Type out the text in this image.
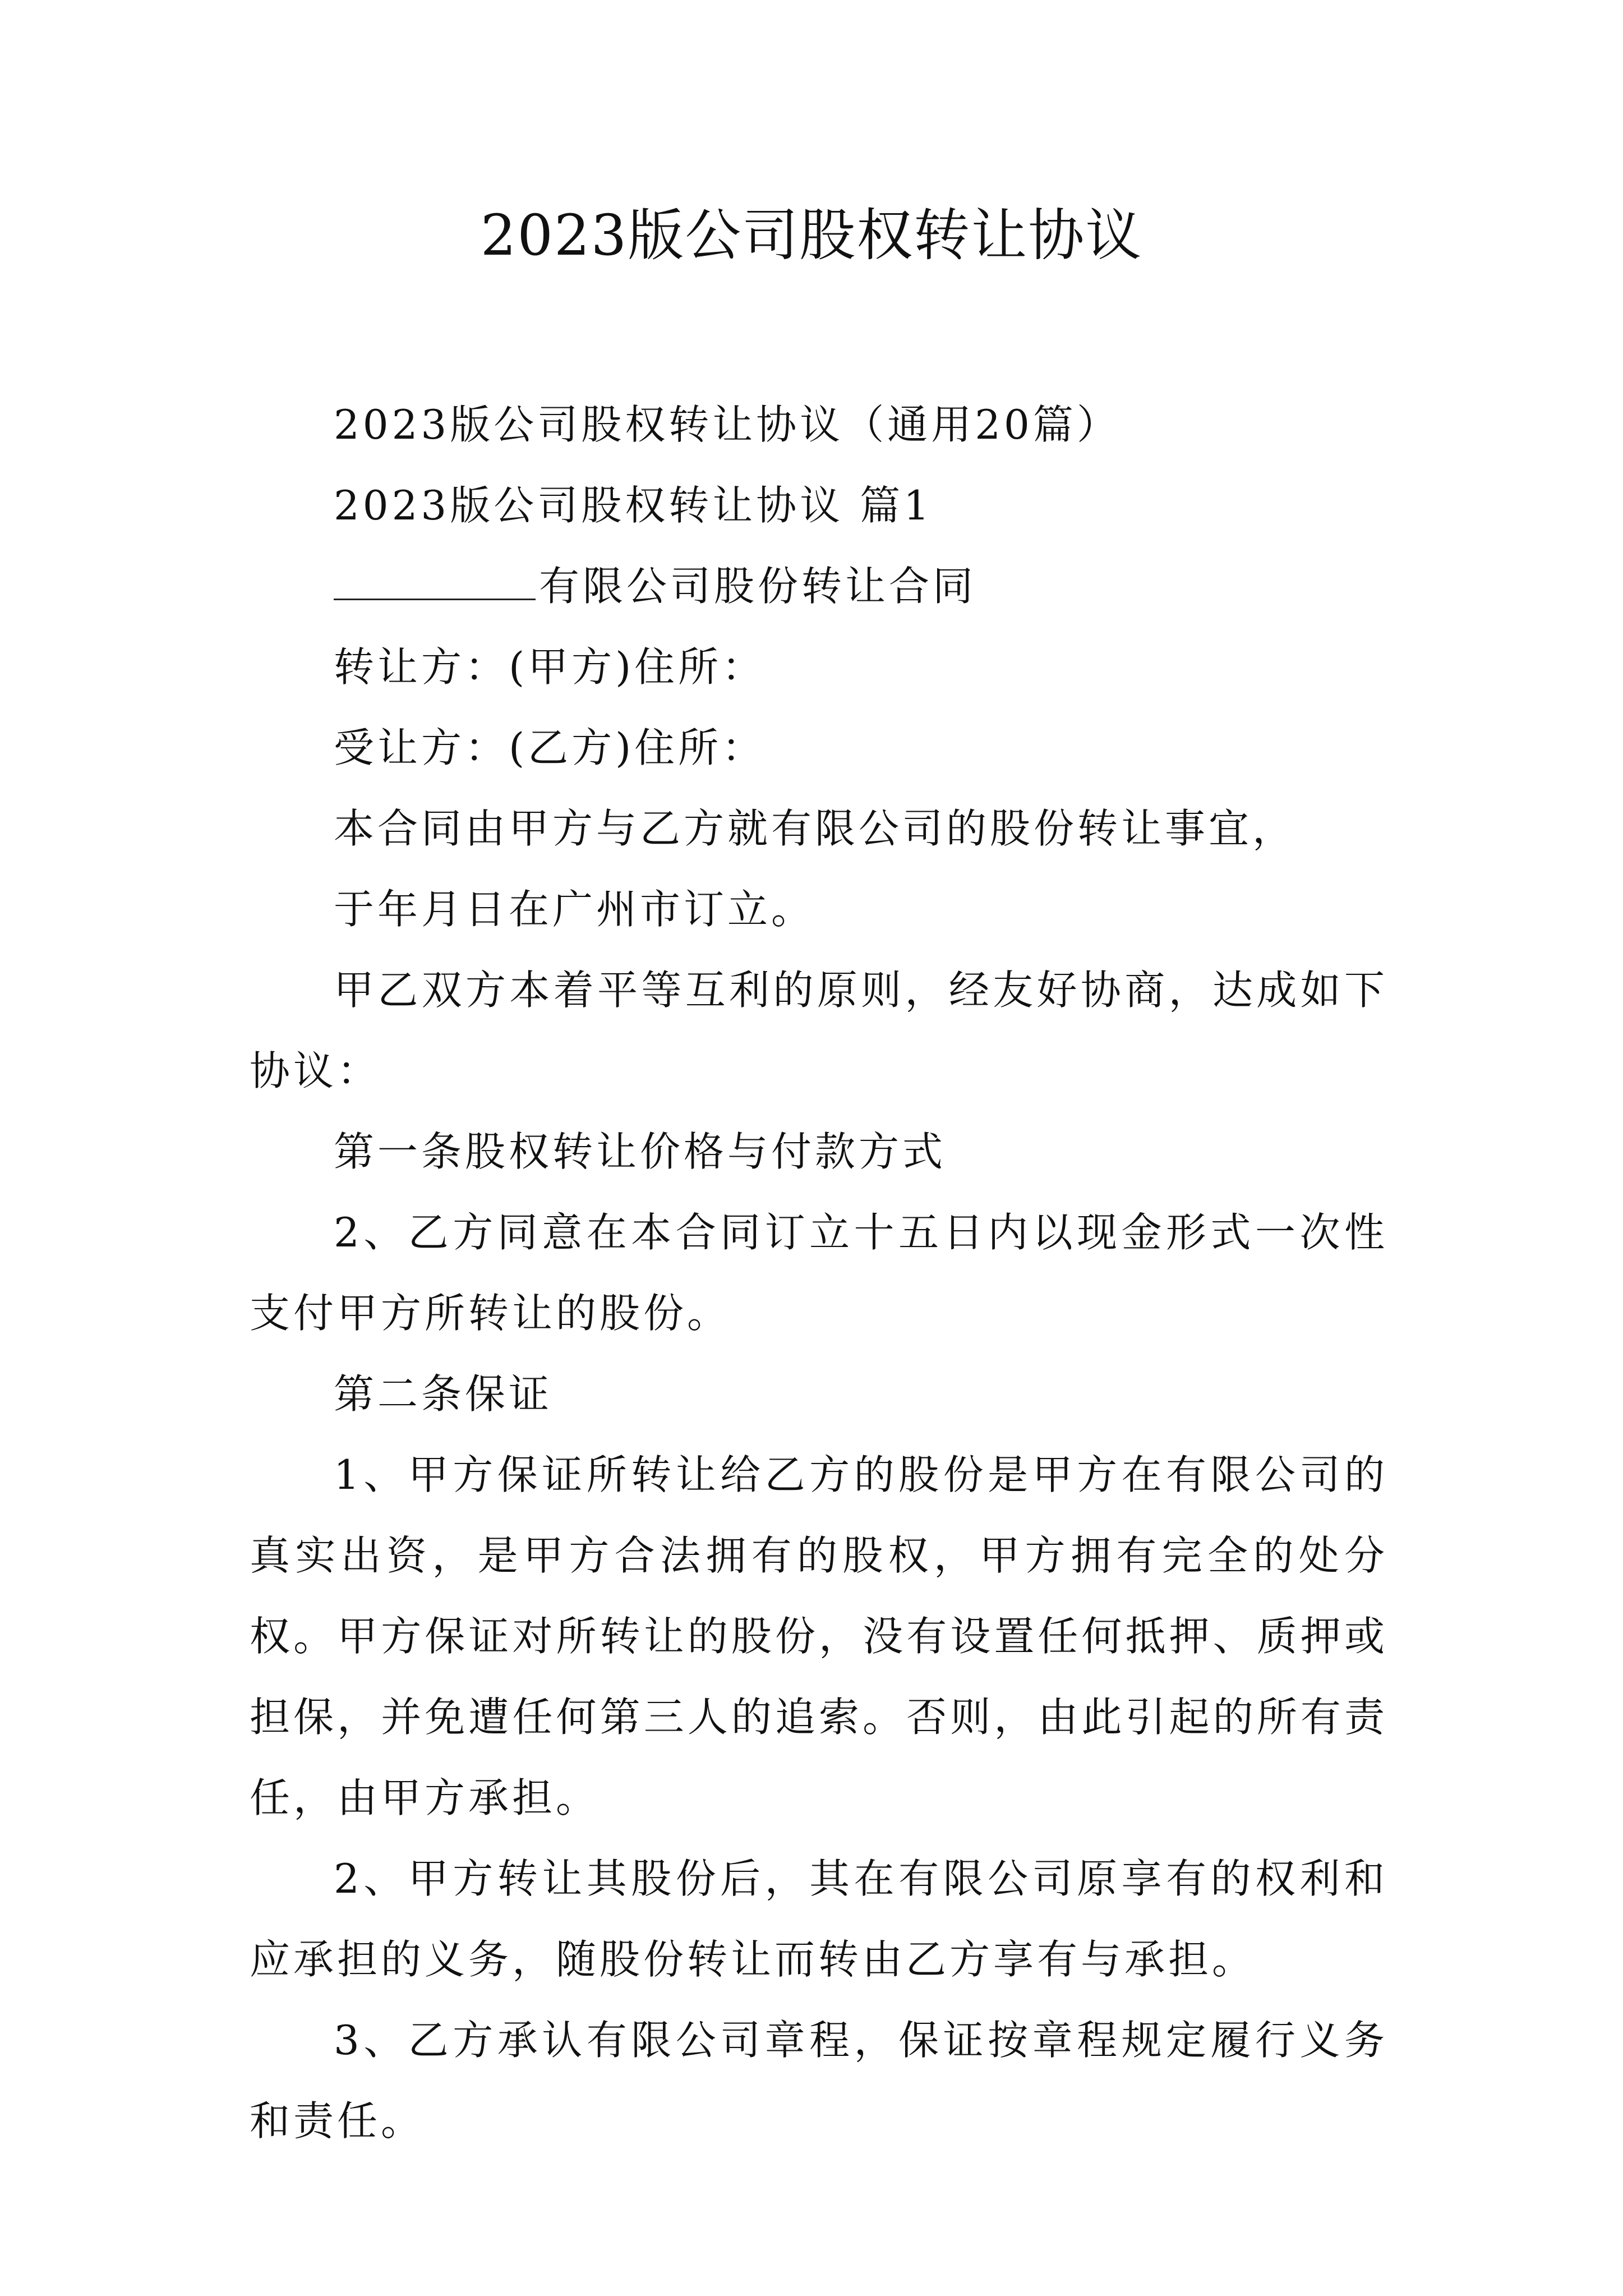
2023版公司股权转让协议

2023版公司股权转让协议（通用20篇）

2023版公司股权转让协议 篇1

有限公司股份转让合同

转让方：(甲方)住所：

受让方：(乙方)住所：

本合同由甲方与乙方就有限公司的股份转让事宜，

于年月日在广州市订立。

甲乙双方本着平等互利的原则，经友好协商，达成如下协议：

第一条股权转让价格与付款方式

2、乙方同意在本合同订立十五日内以现金形式一次性支付甲方所转让的股份。

第二条保证

1、甲方保证所转让给乙方的股份是甲方在有限公司的真实出资，是甲方合法拥有的股权，甲方拥有完全的处分权。甲方保证对所转让的股份，没有设置任何抵押、质押或担保，并免遭任何第三人的追索。否则，由此引起的所有责任，由甲方承担。

2、甲方转让其股份后，其在有限公司原享有的权利和应承担的义务，随股份转让而转由乙方享有与承担。

3、乙方承认有限公司章程，保证按章程规定履行义务和责任。
